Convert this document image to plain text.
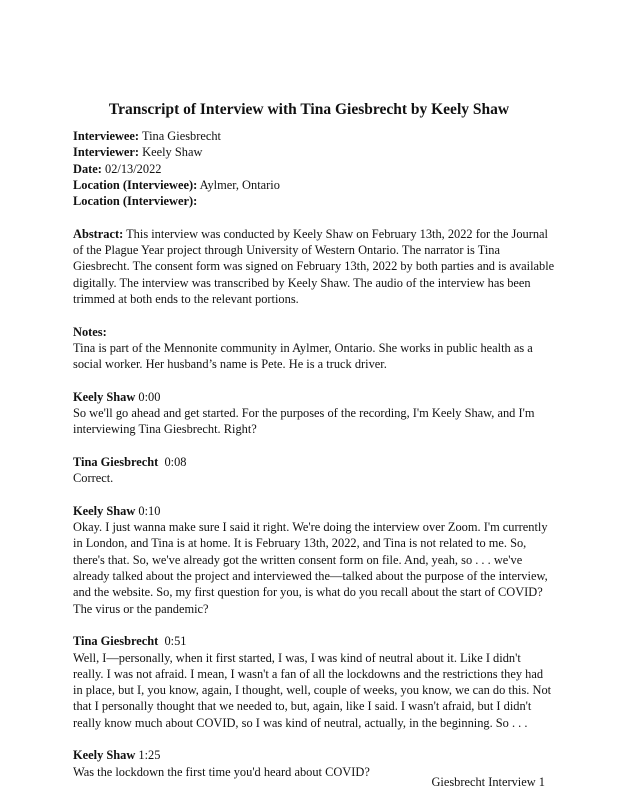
Transcript of Interview with Tina Giesbrecht by Keely Shaw
Interviewee: Tina Giesbrecht
Interviewer: Keely Shaw
Date: 02/13/2022
Location (Interviewee): Aylmer, Ontario
Location (Interviewer):
Abstract: This interview was conducted by Keely Shaw on February 13th, 2022 for the Journal
of the Plague Year project through University of Western Ontario. The narrator is Tina
Giesbrecht. The consent form was signed on February 13th, 2022 by both parties and is available
digitally. The interview was transcribed by Keely Shaw. The audio of the interview has been
trimmed at both ends to the relevant portions.
Notes:
Tina is part of the Mennonite community in Aylmer, Ontario. She works in public health as a
social worker. Her husband’s name is Pete. He is a truck driver.
Keely Shaw 0:00
So we'll go ahead and get started. For the purposes of the recording, I'm Keely Shaw, and I'm
interviewing Tina Giesbrecht. Right?
Tina Giesbrecht 0:08
Correct.
Keely Shaw 0:10
Okay. I just wanna make sure I said it right. We're doing the interview over Zoom. I'm currently
in London, and Tina is at home. It is February 13th, 2022, and Tina is not related to me. So,
there's that. So, we've already got the written consent form on file. And, yeah, so . . . we've
already talked about the project and interviewed the—talked about the purpose of the interview,
and the website. So, my first question for you, is what do you recall about the start of COVID?
The virus or the pandemic?
Tina Giesbrecht 0:51
Well, I—personally, when it first started, I was, I was kind of neutral about it. Like I didn't
really. I was not afraid. I mean, I wasn't a fan of all the lockdowns and the restrictions they had
in place, but I, you know, again, I thought, well, couple of weeks, you know, we can do this. Not
that I personally thought that we needed to, but, again, like I said. I wasn't afraid, but I didn't
really know much about COVID, so I was kind of neutral, actually, in the beginning. So . . .
Keely Shaw 1:25
Was the lockdown the first time you'd heard about COVID?
Giesbrecht Interview 1
